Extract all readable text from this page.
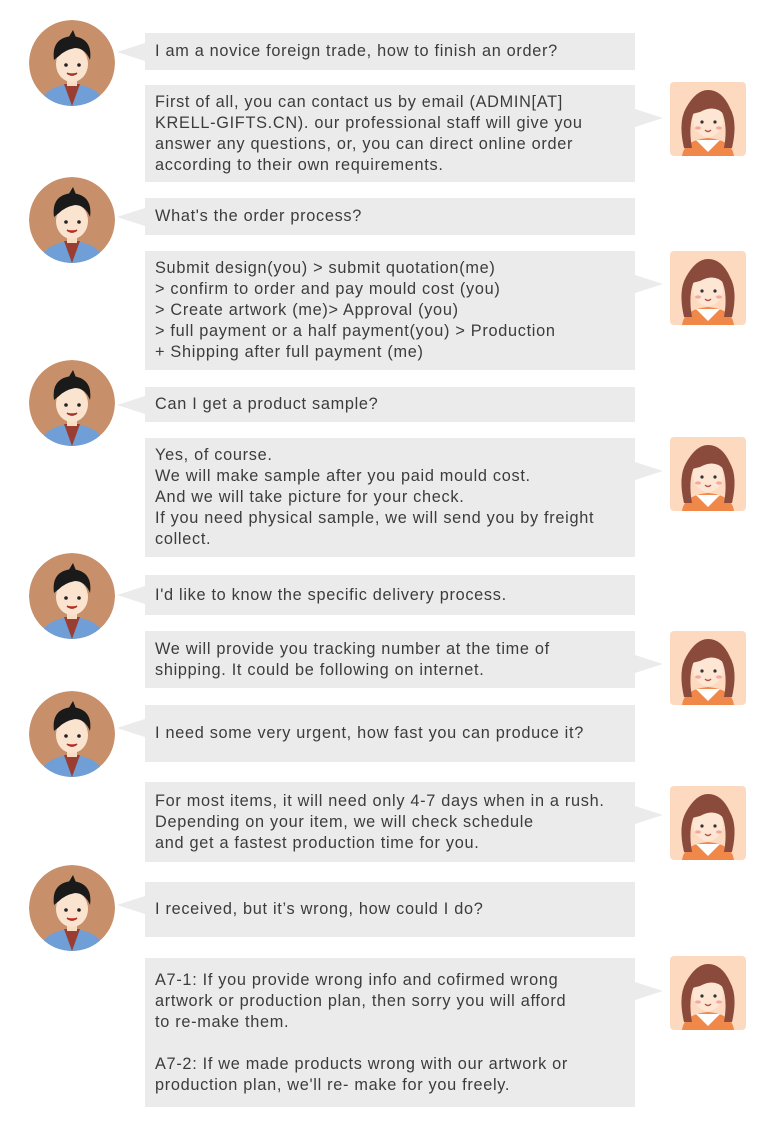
I am a novice foreign trade, how to finish an order?
First of all, you can contact us by email (ADMIN[AT]
KRELL-GIFTS.CN). our professional staff will give you
answer any questions, or, you can direct online order
according to their own requirements.
What's the order process?
Submit design(you) > submit quotation(me)
> confirm to order and pay mould cost (you)
> Create artwork (me)> Approval (you)
> full payment or a half payment(you) > Production
+ Shipping after full payment (me)
Can I get a product sample?
Yes, of course.
We will make sample after you paid mould cost.
And we will take picture for your check.
If you need physical sample, we will send you by freight
collect.
I'd like to know the specific delivery process.
We will provide you tracking number at the time of
shipping. It could be following on internet.
I need some very urgent, how fast you can produce it?
For most items, it will need only 4-7 days when in a rush.
Depending on your item, we will check schedule
and get a fastest production time for you.
I received, but it’s wrong, how could I do?
A7-1: If you provide wrong info and cofirmed wrong
artwork or production plan, then sorry you will afford
to re-make them.
A7-2: If we made products wrong with our artwork or
production plan, we'll re- make for you freely.
